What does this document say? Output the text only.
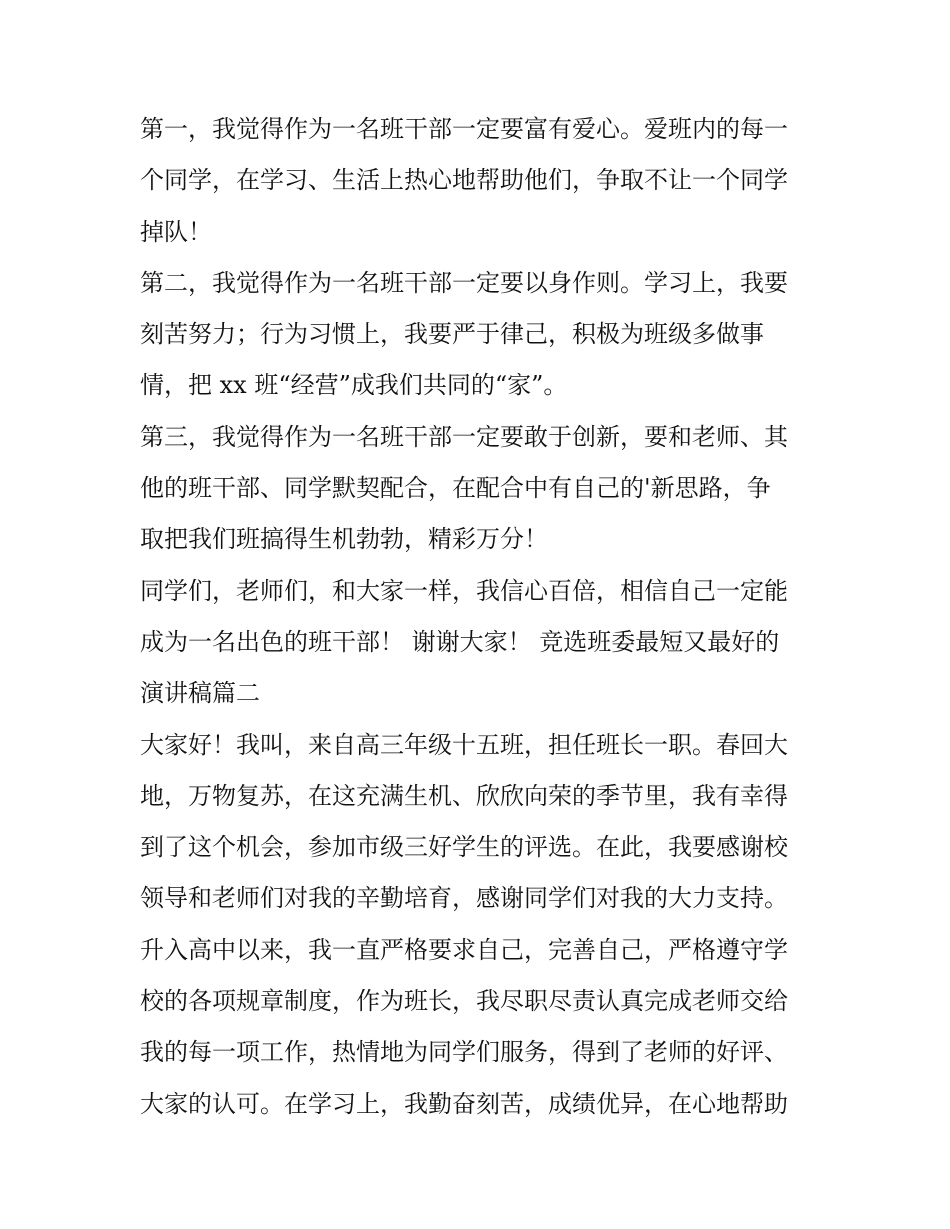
第一，我觉得作为一名班干部一定要富有爱心。爱班内的每一
个同学，在学习、生活上热心地帮助他们，争取不让一个同学
掉队！
第二，我觉得作为一名班干部一定要以身作则。学习上，我要
刻苦努力；行为习惯上，我要严于律己，积极为班级多做事
情，把 xx 班“经营”成我们共同的“家”。
第三，我觉得作为一名班干部一定要敢于创新，要和老师、其
他的班干部、同学默契配合，在配合中有自己的'新思路，争
取把我们班搞得生机勃勃，精彩万分！
同学们，老师们，和大家一样，我信心百倍，相信自己一定能
成为一名出色的班干部！ 谢谢大家！ 竞选班委最短又最好的
演讲稿篇二
大家好！我叫，来自高三年级十五班，担任班长一职。春回大
地，万物复苏，在这充满生机、欣欣向荣的季节里，我有幸得
到了这个机会，参加市级三好学生的评选。在此，我要感谢校
领导和老师们对我的辛勤培育，感谢同学们对我的大力支持。
升入高中以来，我一直严格要求自己，完善自己，严格遵守学
校的各项规章制度，作为班长，我尽职尽责认真完成老师交给
我的每一项工作，热情地为同学们服务，得到了老师的好评、
大家的认可。在学习上，我勤奋刻苦，成绩优异，在心地帮助
